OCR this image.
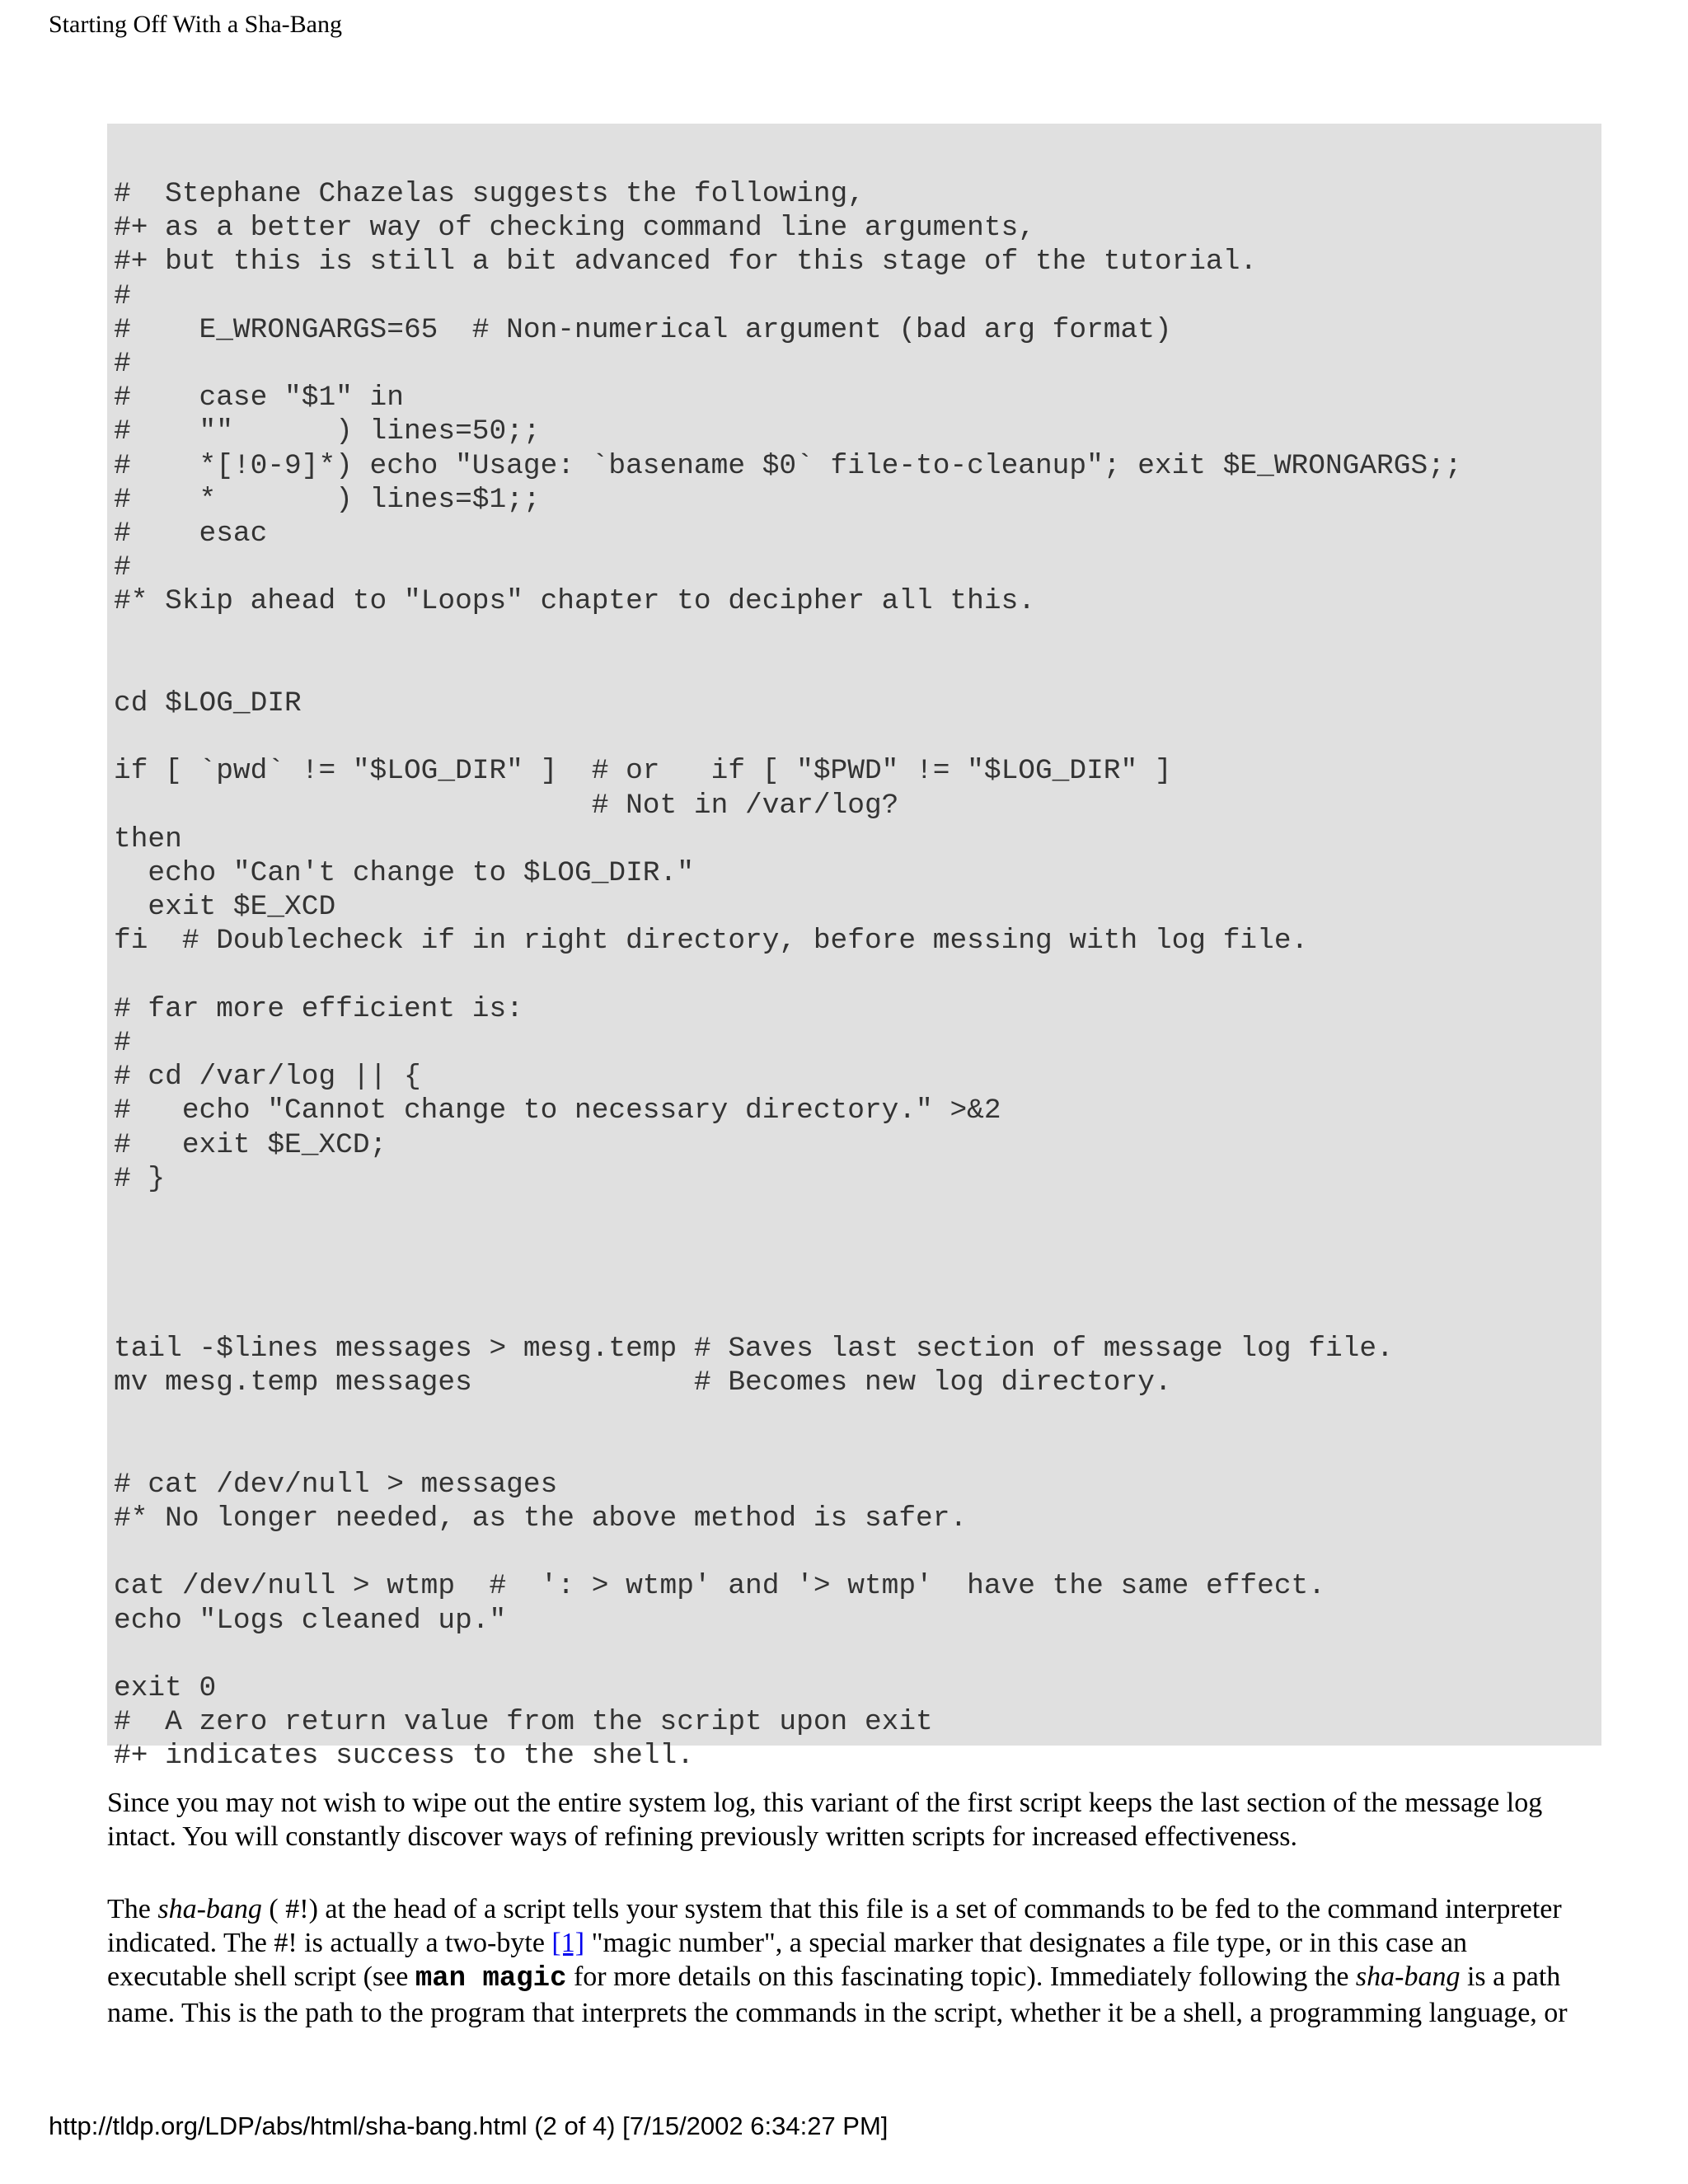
Starting Off With a Sha-Bang
#  Stephane Chazelas suggests the following,
#+ as a better way of checking command line arguments,
#+ but this is still a bit advanced for this stage of the tutorial.
#
#    E_WRONGARGS=65  # Non-numerical argument (bad arg format)
#
#    case "$1" in
#    ""      ) lines=50;;
#    *[!0-9]*) echo "Usage: `basename $0` file-to-cleanup"; exit $E_WRONGARGS;;
#    *       ) lines=$1;;
#    esac
#
#* Skip ahead to "Loops" chapter to decipher all this.

cd $LOG_DIR

if [ `pwd` != "$LOG_DIR" ]  # or   if [ "$PWD" != "$LOG_DIR" ]
# Not in /var/log?
then
echo "Can't change to $LOG_DIR."
exit $E_XCD
fi  # Doublecheck if in right directory, before messing with log file.

# far more efficient is:
#
# cd /var/log || {
#   echo "Cannot change to necessary directory." >&2
#   exit $E_XCD;
# }

tail -$lines messages > mesg.temp # Saves last section of message log file.
mv mesg.temp messages             # Becomes new log directory.

# cat /dev/null > messages
#* No longer needed, as the above method is safer.

cat /dev/null > wtmp  #  ': > wtmp' and '> wtmp'  have the same effect.
echo "Logs cleaned up."

exit 0
#  A zero return value from the script upon exit
#+ indicates success to the shell.

Since you may not wish to wipe out the entire system log, this variant of the first script keeps the last section of the message log intact. You will constantly discover ways of refining previously written scripts for increased effectiveness.

The sha-bang ( #!) at the head of a script tells your system that this file is a set of commands to be fed to the command interpreter indicated. The #! is actually a two-byte [1] "magic number", a special marker that designates a file type, or in this case an executable shell script (see man magic for more details on this fascinating topic). Immediately following the sha-bang is a path name. This is the path to the program that interprets the commands in the script, whether it be a shell, a programming language, or

http://tldp.org/LDP/abs/html/sha-bang.html (2 of 4) [7/15/2002 6:34:27 PM]
